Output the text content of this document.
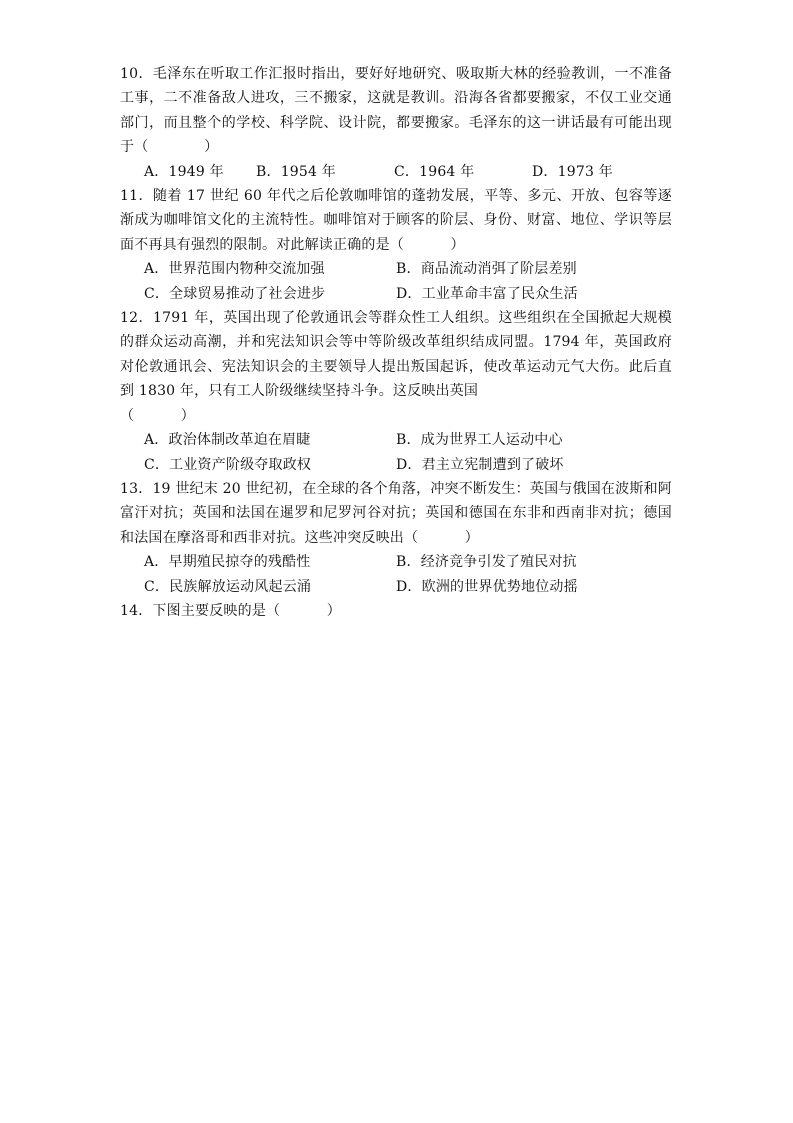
10．毛泽东在听取工作汇报时指出，要好好地研究、吸取斯大林的经验教训，一不准备工事，二不准备敌人进攻，三不搬家，这就是教训。沿海各省都要搬家，不仅工业交通部门，而且整个的学校、科学院、设计院，都要搬家。毛泽东的这一讲话最有可能出现于（            ）
A．1949 年	B．1954 年	C．1964 年	D．1973 年
11．随着 17 世纪 60 年代之后伦敦咖啡馆的蓬勃发展，平等、多元、开放、包容等逐渐成为咖啡馆文化的主流特性。咖啡馆对于顾客的阶层、身份、财富、地位、学识等层面不再具有强烈的限制。对此解读正确的是（          ）
A．世界范围内物种交流加强	B．商品流动消弭了阶层差别
C．全球贸易推动了社会进步	D．工业革命丰富了民众生活
12．1791 年，英国出现了伦敦通讯会等群众性工人组织。这些组织在全国掀起大规模的群众运动高潮，并和宪法知识会等中等阶级改革组织结成同盟。1794 年，英国政府对伦敦通讯会、宪法知识会的主要领导人提出叛国起诉，使改革运动元气大伤。此后直到 1830 年，只有工人阶级继续坚持斗争。这反映出英国
（          ）
A．政治体制改革迫在眉睫	B．成为世界工人运动中心
C．工业资产阶级夺取政权	D．君主立宪制遭到了破坏
13．19 世纪末 20 世纪初，在全球的各个角落，冲突不断发生：英国与俄国在波斯和阿富汗对抗；英国和法国在暹罗和尼罗河谷对抗；英国和德国在东非和西南非对抗；德国和法国在摩洛哥和西非对抗。这些冲突反映出（          ）
A．早期殖民掠夺的残酷性	B．经济竞争引发了殖民对抗
C．民族解放运动风起云涌	D．欧洲的世界优势地位动摇
14．下图主要反映的是（          ）
